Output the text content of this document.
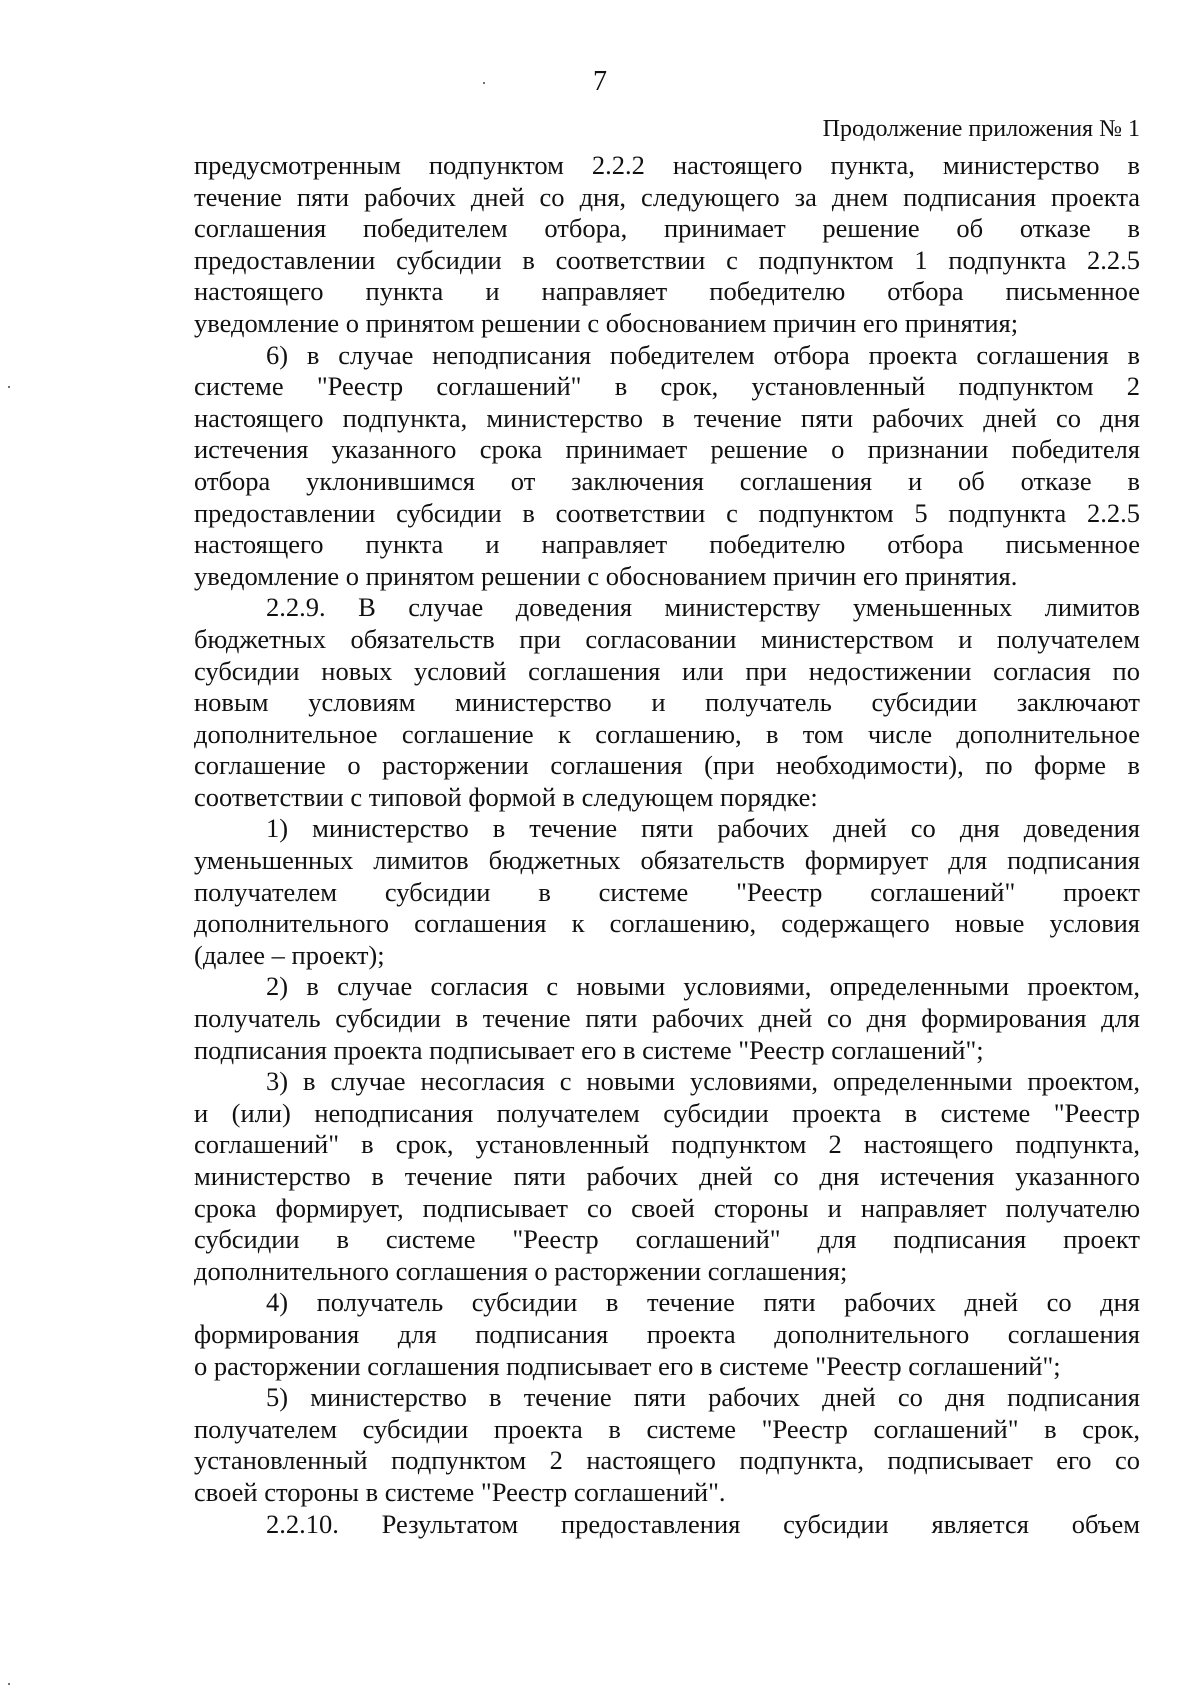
7
Продолжение приложения № 1
предусмотренным подпунктом 2.2.2 настоящего пункта, министерство в
течение пяти рабочих дней со дня, следующего за днем подписания проекта
соглашения победителем отбора, принимает решение об отказе в
предоставлении субсидии в соответствии с подпунктом 1 подпункта 2.2.5
настоящего пункта и направляет победителю отбора письменное
уведомление о принятом решении с обоснованием причин его принятия;
6) в случае неподписания победителем отбора проекта соглашения в
системе "Реестр соглашений" в срок, установленный подпунктом 2
настоящего подпункта, министерство в течение пяти рабочих дней со дня
истечения указанного срока принимает решение о признании победителя
отбора уклонившимся от заключения соглашения и об отказе в
предоставлении субсидии в соответствии с подпунктом 5 подпункта 2.2.5
настоящего пункта и направляет победителю отбора письменное
уведомление о принятом решении с обоснованием причин его принятия.
2.2.9. В случае доведения министерству уменьшенных лимитов
бюджетных обязательств при согласовании министерством и получателем
субсидии новых условий соглашения или при недостижении согласия по
новым условиям министерство и получатель субсидии заключают
дополнительное соглашение к соглашению, в том числе дополнительное
соглашение о расторжении соглашения (при необходимости), по форме в
соответствии с типовой формой в следующем порядке:
1) министерство в течение пяти рабочих дней со дня доведения
уменьшенных лимитов бюджетных обязательств формирует для подписания
получателем субсидии в системе "Реестр соглашений" проект
дополнительного соглашения к соглашению, содержащего новые условия
(далее – проект);
2) в случае согласия с новыми условиями, определенными проектом,
получатель субсидии в течение пяти рабочих дней со дня формирования для
подписания проекта подписывает его в системе "Реестр соглашений";
3) в случае несогласия с новыми условиями, определенными проектом,
и (или) неподписания получателем субсидии проекта в системе "Реестр
соглашений" в срок, установленный подпунктом 2 настоящего подпункта,
министерство в течение пяти рабочих дней со дня истечения указанного
срока формирует, подписывает со своей стороны и направляет получателю
субсидии в системе "Реестр соглашений" для подписания проект
дополнительного соглашения о расторжении соглашения;
4) получатель субсидии в течение пяти рабочих дней со дня
формирования для подписания проекта дополнительного соглашения
о расторжении соглашения подписывает его в системе "Реестр соглашений";
5) министерство в течение пяти рабочих дней со дня подписания
получателем субсидии проекта в системе "Реестр соглашений" в срок,
установленный подпунктом 2 настоящего подпункта, подписывает его со
своей стороны в системе "Реестр соглашений".
2.2.10. Результатом предоставления субсидии является объем
